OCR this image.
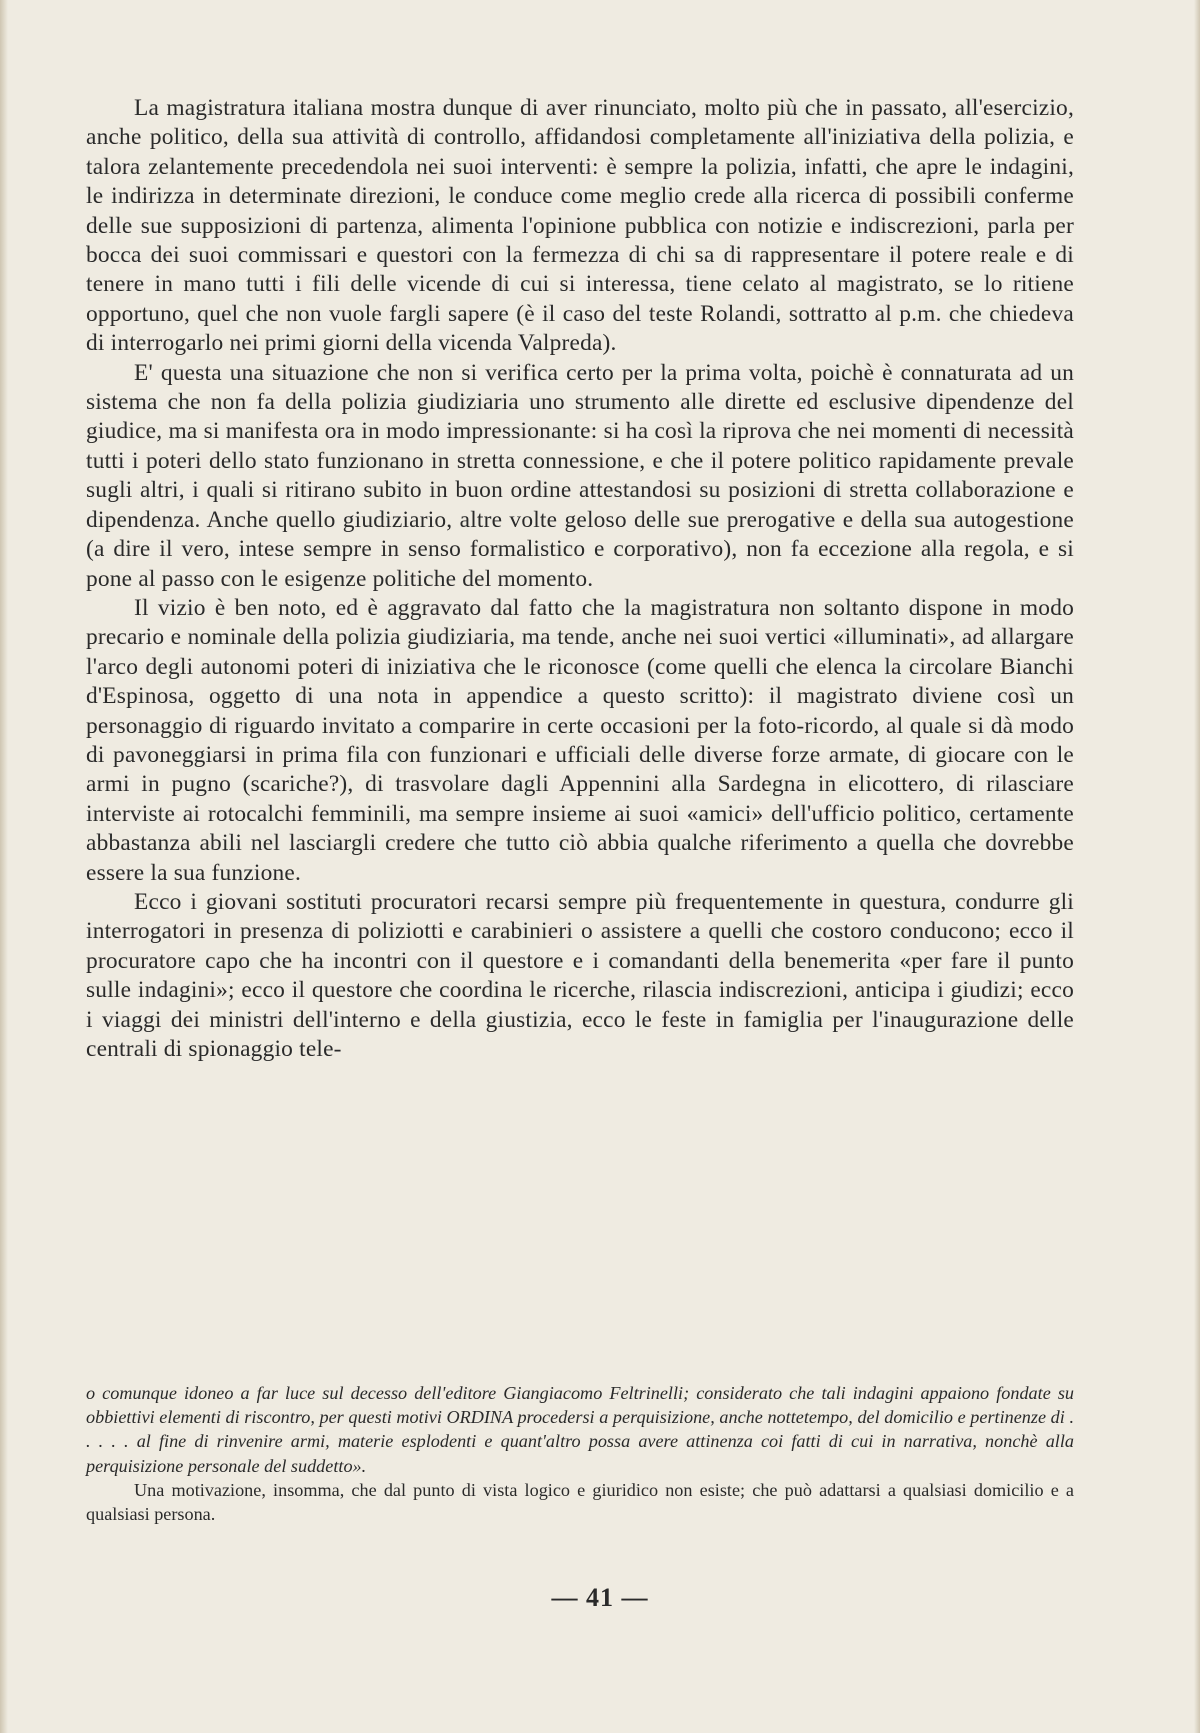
La magistratura italiana mostra dunque di aver rinunciato, molto più che in passato, all'esercizio, anche politico, della sua attività di controllo, affidandosi completamente all'iniziativa della polizia, e talora zelantemente precedendola nei suoi interventi: è sempre la polizia, infatti, che apre le indagini, le indirizza in determinate direzioni, le conduce come meglio crede alla ricerca di possibili conferme delle sue supposizioni di partenza, alimenta l'opinione pubblica con notizie e indiscrezioni, parla per bocca dei suoi commissari e questori con la fermezza di chi sa di rappresentare il potere reale e di tenere in mano tutti i fili delle vicende di cui si interessa, tiene celato al magistrato, se lo ritiene opportuno, quel che non vuole fargli sapere (è il caso del teste Rolandi, sottratto al p.m. che chiedeva di interrogarlo nei primi giorni della vicenda Valpreda).

E' questa una situazione che non si verifica certo per la prima volta, poichè è connaturata ad un sistema che non fa della polizia giudiziaria uno strumento alle dirette ed esclusive dipendenze del giudice, ma si manifesta ora in modo impressionante: si ha così la riprova che nei momenti di necessità tutti i poteri dello stato funzionano in stretta connessione, e che il potere politico rapidamente prevale sugli altri, i quali si ritirano subito in buon ordine attestandosi su posizioni di stretta collaborazione e dipendenza. Anche quello giudiziario, altre volte geloso delle sue prerogative e della sua autogestione (a dire il vero, intese sempre in senso formalistico e corporativo), non fa eccezione alla regola, e si pone al passo con le esigenze politiche del momento.

Il vizio è ben noto, ed è aggravato dal fatto che la magistratura non soltanto dispone in modo precario e nominale della polizia giudiziaria, ma tende, anche nei suoi vertici «illuminati», ad allargare l'arco degli autonomi poteri di iniziativa che le riconosce (come quelli che elenca la circolare Bianchi d'Espinosa, oggetto di una nota in appendice a questo scritto): il magistrato diviene così un personaggio di riguardo invitato a comparire in certe occasioni per la foto-ricordo, al quale si dà modo di pavoneggiarsi in prima fila con funzionari e ufficiali delle diverse forze armate, di giocare con le armi in pugno (scariche?), di trasvolare dagli Appennini alla Sardegna in elicottero, di rilasciare interviste ai rotocalchi femminili, ma sempre insieme ai suoi «amici» dell'ufficio politico, certamente abbastanza abili nel lasciargli credere che tutto ciò abbia qualche riferimento a quella che dovrebbe essere la sua funzione.

Ecco i giovani sostituti procuratori recarsi sempre più frequentemente in questura, condurre gli interrogatori in presenza di poliziotti e carabinieri o assistere a quelli che costoro conducono; ecco il procuratore capo che ha incontri con il questore e i comandanti della benemerita «per fare il punto sulle indagini»; ecco il questore che coordina le ricerche, rilascia indiscrezioni, anticipa i giudizi; ecco i viaggi dei ministri dell'interno e della giustizia, ecco le feste in famiglia per l'inaugurazione delle centrali di spionaggio tele-

o comunque idoneo a far luce sul decesso dell'editore Giangiacomo Feltrinelli; considerato che tali indagini appaiono fondate su obbiettivi elementi di riscontro, per questi motivi ORDINA procedersi a perquisizione, anche nottetempo, del domicilio e pertinenze di . . . . . al fine di rinvenire armi, materie esplodenti e quant'altro possa avere attinenza coi fatti di cui in narrativa, nonchè alla perquisizione personale del suddetto».

Una motivazione, insomma, che dal punto di vista logico e giuridico non esiste; che può adattarsi a qualsiasi domicilio e a qualsiasi persona.

— 41 —
